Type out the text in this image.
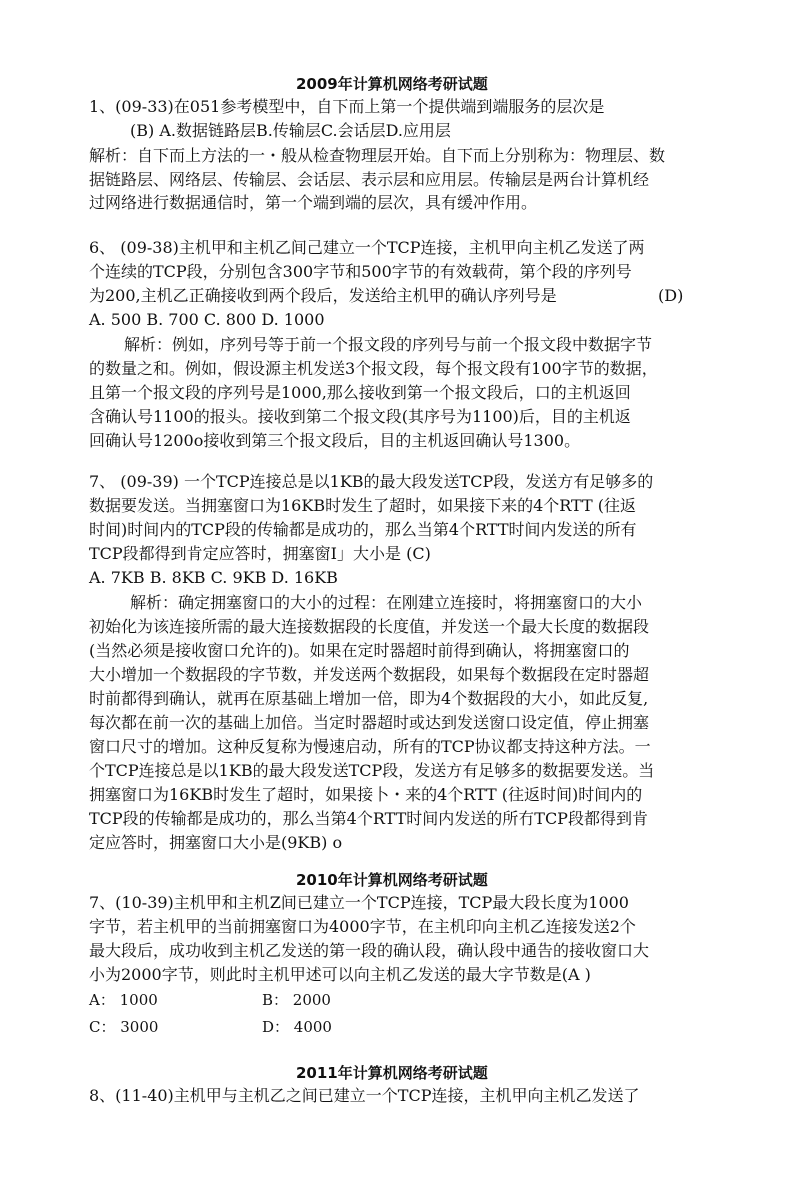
2009年计算机网络考研试题
1、(09-33)在051参考模型中，自下而上第一个提供端到端服务的层次是
(B) A.数据链路层B.传输层C.会话层D.应用层
解析：自下而上方法的一・般从检查物理层开始。自下而上分别称为：物理层、数
据链路层、网络层、传输层、会话层、表示层和应用层。传输层是两台计算机经
过网络进行数据通信时，第一个端到端的层次，具有缓冲作用。
6、 (09-38)主机甲和主机乙间己建立一个TCP连接，主机甲向主机乙发送了两
个连续的TCP段，分别包含300字节和500字节的有效载荷，第个段的序列号
为200,主机乙正确接收到两个段后，发送给主机甲的确认序列号是	(D)
A. 500 B. 700 C. 800 D. 1000
解析：例如，序列号等于前一个报文段的序列号与前一个报文段中数据字节
的数量之和。例如，假设源主机发送3个报文段，每个报文段有100字节的数据，
且第一个报文段的序列号是1000,那么接收到第一个报文段后，口的主机返回
含确认号1100的报头。接收到第二个报文段(其序号为1100)后，目的主机返
回确认号1200o接收到第三个报文段后，目的主机返回确认号1300。
7、 (09-39) 一个TCP连接总是以1KB的最大段发送TCP段，发送方有足够多的
数据要发送。当拥塞窗口为16KB时发生了超时，如果接下来的4个RTT (往返
时间)时间内的TCP段的传输都是成功的，那么当第4个RTT时间内发送的所有
TCP段都得到肯定应答时，拥塞窗I」大小是 (C)
A. 7KB B. 8KB C. 9KB D. 16KB
解析：确定拥塞窗口的大小的过程：在刚建立连接时，将拥塞窗口的大小
初始化为该连接所需的最大连接数据段的长度值，并发送一个最大长度的数据段
(当然必须是接收窗口允许的)。如果在定时器超时前得到确认，将拥塞窗口的
大小增加一个数据段的字节数，并发送两个数据段，如果每个数据段在定时器超
时前都得到确认，就再在原基础上增加一倍，即为4个数据段的大小，如此反复,
每次都在前一次的基础上加倍。当定时器超时或达到发送窗口设定值，停止拥塞
窗口尺寸的增加。这种反复称为慢速启动，所有的TCP协议都支持这种方法。一
个TCP连接总是以1KB的最大段发送TCP段，发送方有足够多的数据要发送。当
拥塞窗口为16KB时发生了超时，如果接卜・来的4个RTT (往返时间)时间内的
TCP段的传输都是成功的，那么当第4个RTT时间内发送的所冇TCP段都得到肯
定应答时，拥塞窗口大小是(9KB) o
2010年计算机网络考研试题
7、(10-39)主机甲和主机Z间已建立一个TCP连接，TCP最大段长度为1000
字节，若主机甲的当前拥塞窗口为4000字节，在主机印向主机乙连接发送2个
最大段后，成功收到主机乙发送的第一段的确认段，确认段中通告的接收窗口大
小为2000字节，则此时主机甲述可以向主机乙发送的最大字节数是(A )
A： 1000	B： 2000
C： 3000	D： 4000
2011年计算机网络考研试题
8、(11-40)主机甲与主机乙之间已建立一个TCP连接，主机甲向主机乙发送了
